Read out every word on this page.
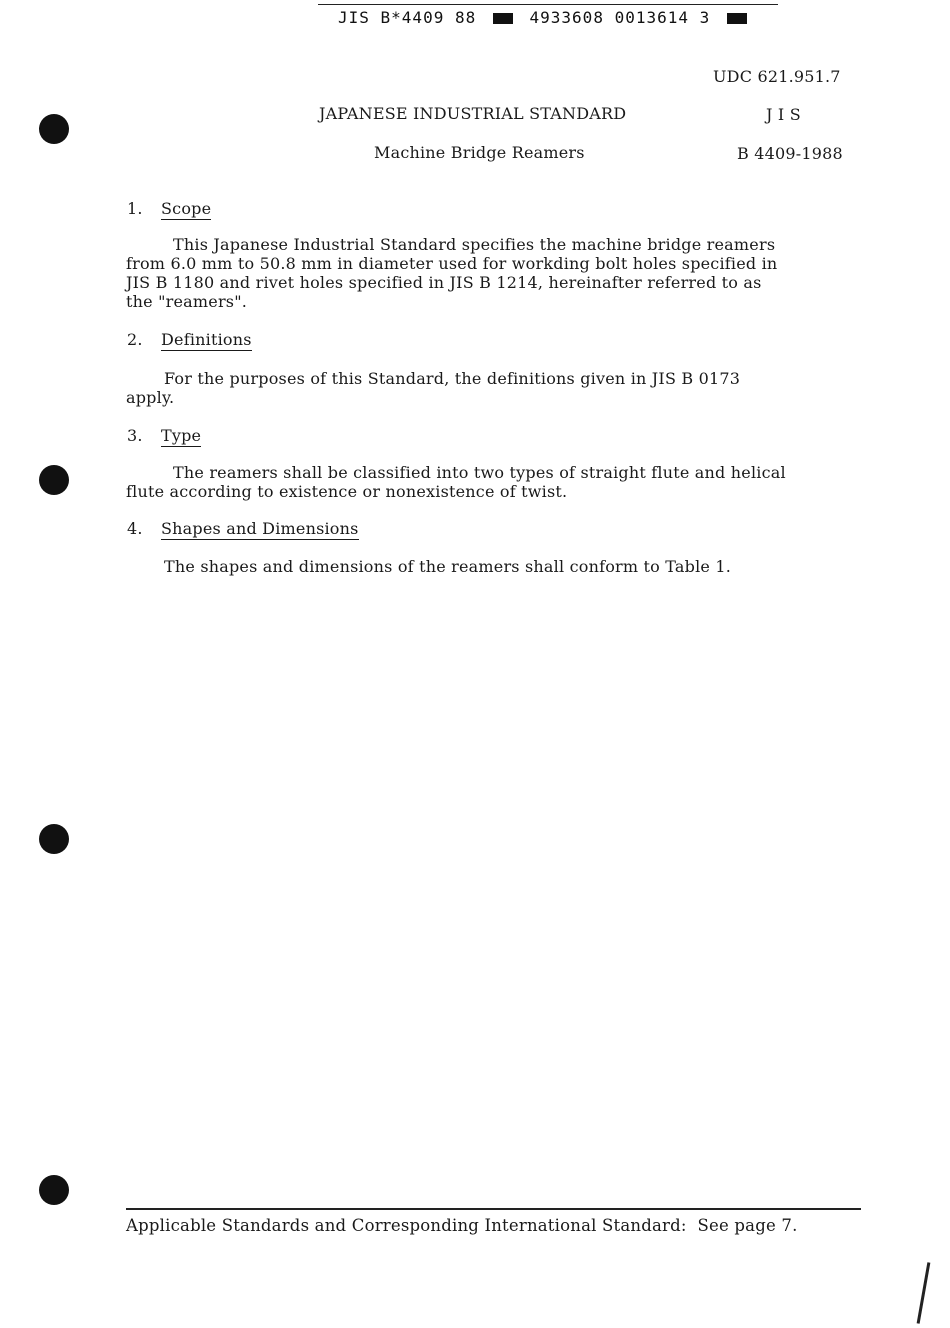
JIS B*4409 88	4933608 0013614 3
UDC 621.951.7
JAPANESE INDUSTRIAL STANDARD	J I S
Machine Bridge Reamers	B 4409-1988
1. Scope
This Japanese Industrial Standard specifies the machine bridge reamers
from 6.0 mm to 50.8 mm in diameter used for workding bolt holes specified in
JIS B 1180 and rivet holes specified in JIS B 1214, hereinafter referred to as
the "reamers".
2. Definitions
For the purposes of this Standard, the definitions given in JIS B 0173
apply.
3. Type
The reamers shall be classified into two types of straight flute and helical
flute according to existence or nonexistence of twist.
4. Shapes and Dimensions
The shapes and dimensions of the reamers shall conform to Table 1.
Applicable Standards and Corresponding International Standard:  See page 7.
